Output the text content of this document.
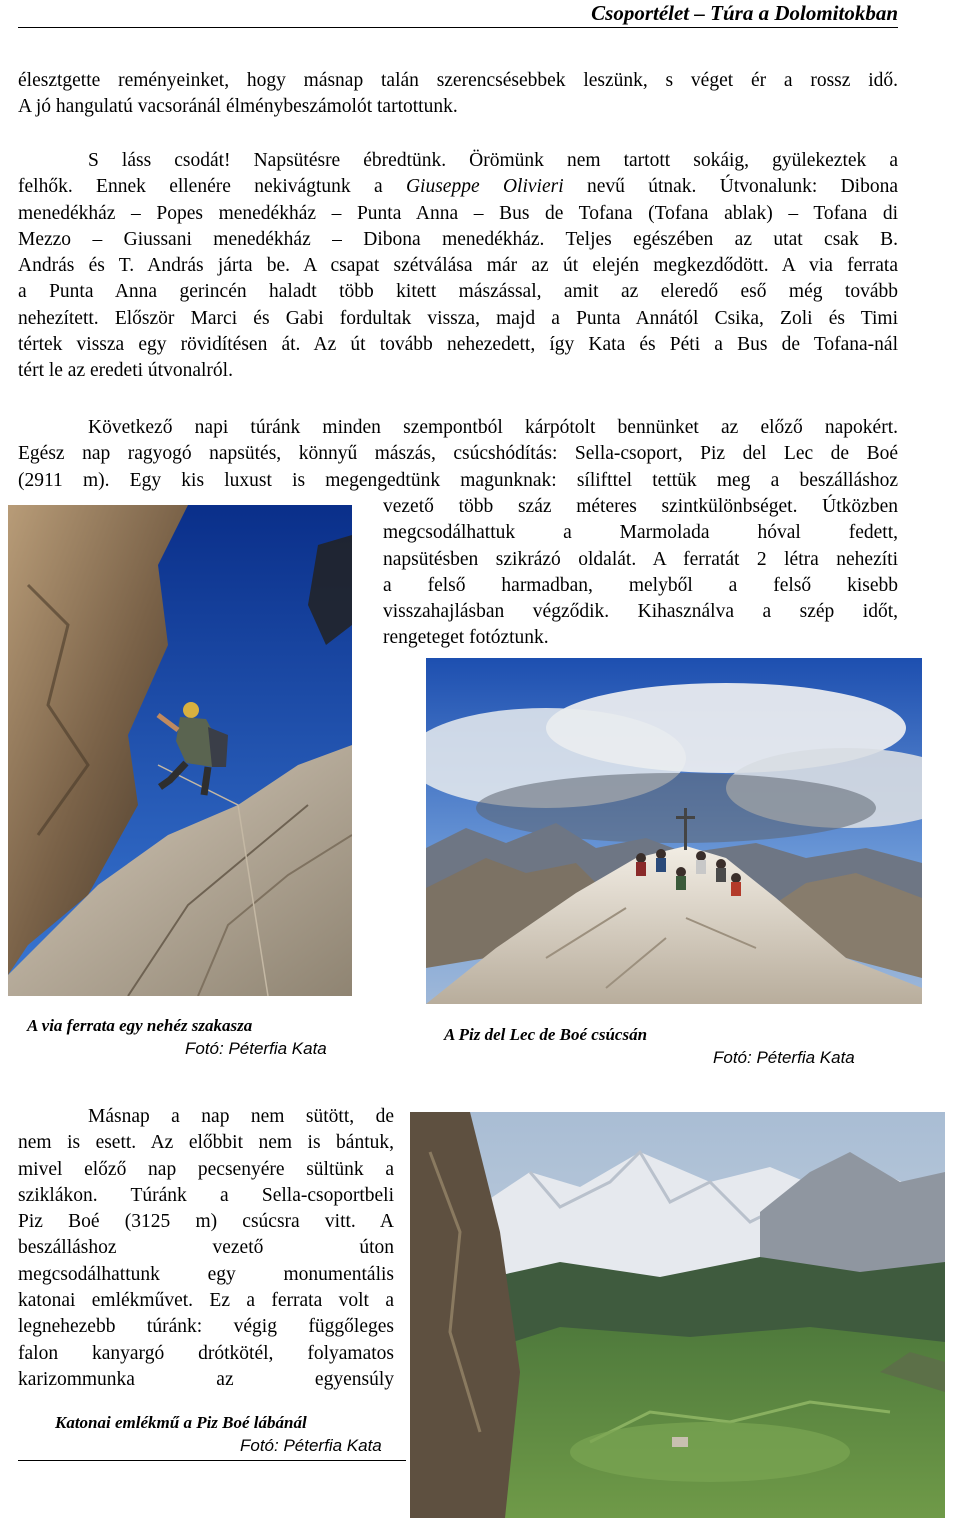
Csoportélet – Túra a Dolomitokban
élesztgette reményeinket, hogy másnap talán szerencsésebbek leszünk, s véget ér a rossz idő.
A jó hangulatú vacsoránál élménybeszámolót tartottunk.
S láss csodát! Napsütésre ébredtünk. Örömünk nem tartott sokáig, gyülekeztek a
felhők. Ennek ellenére nekivágtunk a Giuseppe Olivieri nevű útnak. Útvonalunk: Dibona
menedékház – Popes menedékház – Punta Anna – Bus de Tofana (Tofana ablak) – Tofana di
Mezzo – Giussani menedékház – Dibona menedékház. Teljes egészében az utat csak B.
András és T. András járta be. A csapat szétválása már az út elején megkezdődött. A via ferrata
a Punta Anna gerincén haladt több kitett mászással, amit az eleredő eső még tovább
nehezített. Először Marci és Gabi fordultak vissza, majd a Punta Annától Csika, Zoli és Timi
tértek vissza egy rövidítésen át. Az út tovább nehezedett, így Kata és Péti a Bus de Tofana-nál
tért le az eredeti útvonalról.
Következő napi túránk minden szempontból kárpótolt bennünket az előző napokért.
Egész nap ragyogó napsütés, könnyű mászás, csúcshódítás: Sella-csoport, Piz del Lec de Boé
(2911 m). Egy kis luxust is megengedtünk magunknak: sílifttel tettük meg a beszálláshoz
vezető több száz méteres szintkülönbséget. Útközben
megcsodálhattuk a Marmolada hóval fedett,
napsütésben szikrázó oldalát. A ferratát 2 létra nehezíti
a felső harmadban, melyből a felső kisebb
visszahajlásban végződik. Kihasználva a szép időt,
rengeteget fotóztunk.
A via ferrata egy nehéz szakasza
Fotó: Péterfia Kata
A Piz del Lec de Boé csúcsán
Fotó: Péterfia Kata
Másnap a nap nem sütött, de
nem is esett. Az előbbit nem is bántuk,
mivel előző nap pecsenyére sültünk a
sziklákon. Túránk a Sella-csoportbeli
Piz Boé (3125 m) csúcsra vitt. A
beszálláshoz vezető úton
megcsodálhattunk egy monumentális
katonai emlékművet. Ez a ferrata volt a
legnehezebb túránk: végig függőleges
falon kanyargó drótkötél, folyamatos
karizommunka az egyensúly
Katonai emlékmű a Piz Boé lábánál
Fotó: Péterfia Kata
